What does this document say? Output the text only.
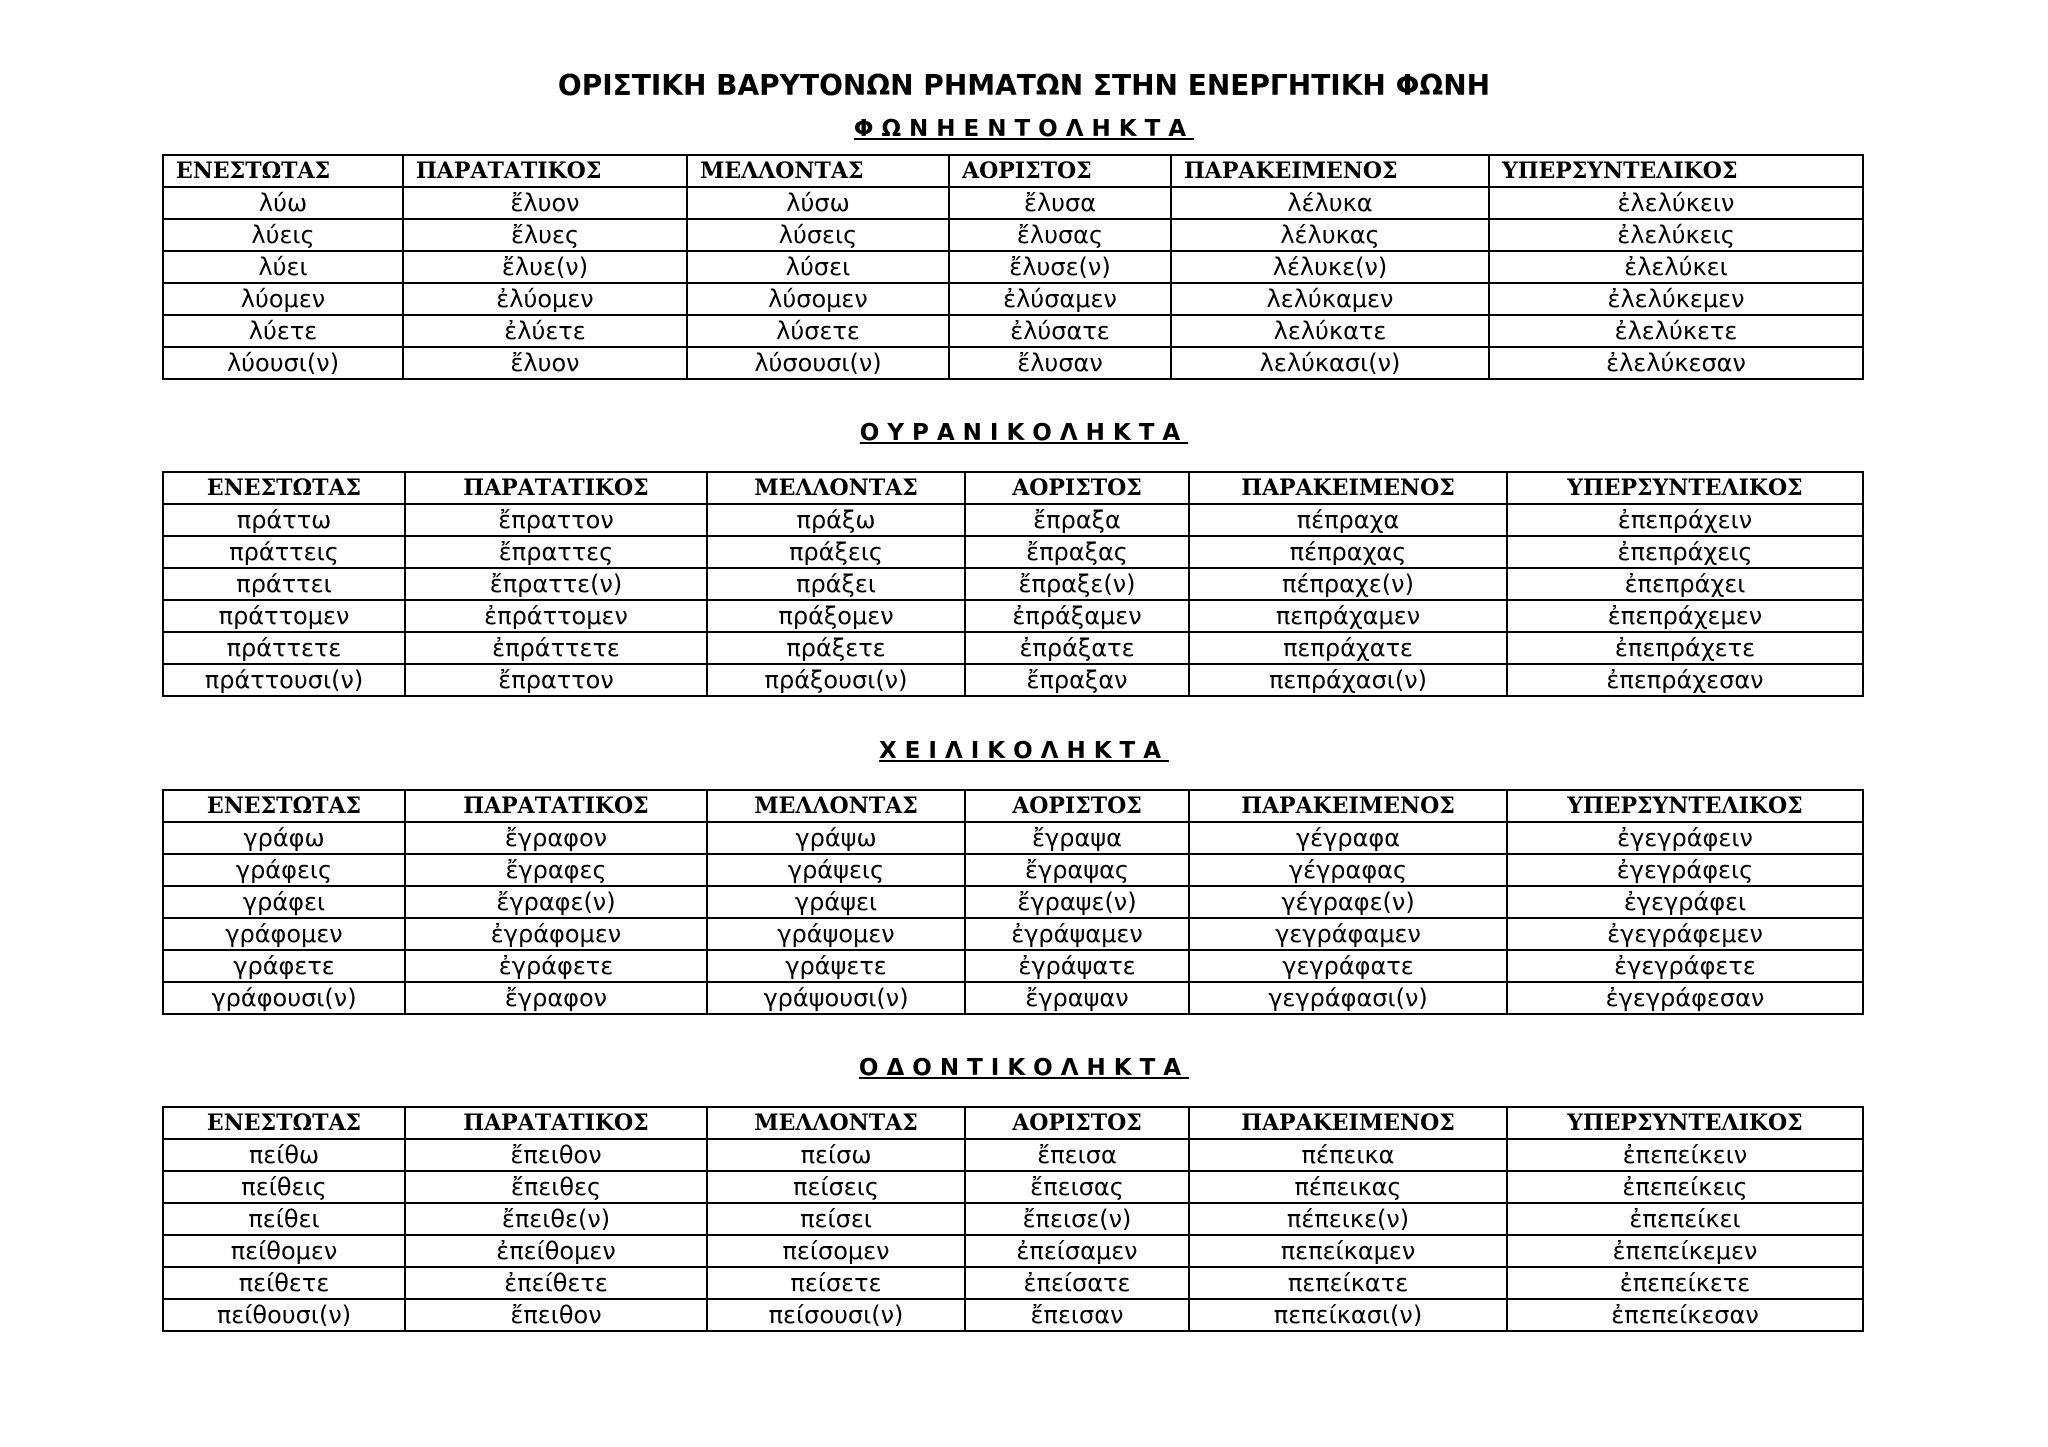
ΟΡΙΣΤΙΚΗ ΒΑΡΥΤΟΝΩΝ ΡΗΜΑΤΩΝ ΣΤΗΝ ΕΝΕΡΓΗΤΙΚΗ ΦΩΝΗ
ΦΩΝΗΕΝΤΟΛΗΚΤΑ
ΕΝΕΣΤΩΤΑΣ	ΠΑΡΑΤΑΤΙΚΟΣ	ΜΕΛΛΟΝΤΑΣ	ΑΟΡΙΣΤΟΣ	ΠΑΡΑΚΕΙΜΕΝΟΣ	ΥΠΕΡΣΥΝΤΕΛΙΚΟΣ
λύω	ἔλυον	λύσω	ἔλυσα	λέλυκα	ἐλελύκειν
λύεις	ἔλυες	λύσεις	ἔλυσας	λέλυκας	ἐλελύκεις
λύει	ἔλυε(ν)	λύσει	ἔλυσε(ν)	λέλυκε(ν)	ἐλελύκει
λύομεν	ἐλύομεν	λύσομεν	ἐλύσαμεν	λελύκαμεν	ἐλελύκεμεν
λύετε	ἐλύετε	λύσετε	ἐλύσατε	λελύκατε	ἐλελύκετε
λύουσι(ν)	ἔλυον	λύσουσι(ν)	ἔλυσαν	λελύκασι(ν)	ἐλελύκεσαν
ΟΥΡΑΝΙΚΟΛΗΚΤΑ
ΕΝΕΣΤΩΤΑΣ	ΠΑΡΑΤΑΤΙΚΟΣ	ΜΕΛΛΟΝΤΑΣ	ΑΟΡΙΣΤΟΣ	ΠΑΡΑΚΕΙΜΕΝΟΣ	ΥΠΕΡΣΥΝΤΕΛΙΚΟΣ
πράττω	ἔπραττον	πράξω	ἔπραξα	πέπραχα	ἐπεπράχειν
πράττεις	ἔπραττες	πράξεις	ἔπραξας	πέπραχας	ἐπεπράχεις
πράττει	ἔπραττε(ν)	πράξει	ἔπραξε(ν)	πέπραχε(ν)	ἐπεπράχει
πράττομεν	ἐπράττομεν	πράξομεν	ἐπράξαμεν	πεπράχαμεν	ἐπεπράχεμεν
πράττετε	ἐπράττετε	πράξετε	ἐπράξατε	πεπράχατε	ἐπεπράχετε
πράττουσι(ν)	ἔπραττον	πράξουσι(ν)	ἔπραξαν	πεπράχασι(ν)	ἐπεπράχεσαν
ΧΕΙΛΙΚΟΛΗΚΤΑ
ΕΝΕΣΤΩΤΑΣ	ΠΑΡΑΤΑΤΙΚΟΣ	ΜΕΛΛΟΝΤΑΣ	ΑΟΡΙΣΤΟΣ	ΠΑΡΑΚΕΙΜΕΝΟΣ	ΥΠΕΡΣΥΝΤΕΛΙΚΟΣ
γράφω	ἔγραφον	γράψω	ἔγραψα	γέγραφα	ἐγεγράφειν
γράφεις	ἔγραφες	γράψεις	ἔγραψας	γέγραφας	ἐγεγράφεις
γράφει	ἔγραφε(ν)	γράψει	ἔγραψε(ν)	γέγραφε(ν)	ἐγεγράφει
γράφομεν	ἐγράφομεν	γράψομεν	ἐγράψαμεν	γεγράφαμεν	ἐγεγράφεμεν
γράφετε	ἐγράφετε	γράψετε	ἐγράψατε	γεγράφατε	ἐγεγράφετε
γράφουσι(ν)	ἔγραφον	γράψουσι(ν)	ἔγραψαν	γεγράφασι(ν)	ἐγεγράφεσαν
ΟΔΟΝΤΙΚΟΛΗΚΤΑ
ΕΝΕΣΤΩΤΑΣ	ΠΑΡΑΤΑΤΙΚΟΣ	ΜΕΛΛΟΝΤΑΣ	ΑΟΡΙΣΤΟΣ	ΠΑΡΑΚΕΙΜΕΝΟΣ	ΥΠΕΡΣΥΝΤΕΛΙΚΟΣ
πείθω	ἔπειθον	πείσω	ἔπεισα	πέπεικα	ἐπεπείκειν
πείθεις	ἔπειθες	πείσεις	ἔπεισας	πέπεικας	ἐπεπείκεις
πείθει	ἔπειθε(ν)	πείσει	ἔπεισε(ν)	πέπεικε(ν)	ἐπεπείκει
πείθομεν	ἐπείθομεν	πείσομεν	ἐπείσαμεν	πεπείκαμεν	ἐπεπείκεμεν
πείθετε	ἐπείθετε	πείσετε	ἐπείσατε	πεπείκατε	ἐπεπείκετε
πείθουσι(ν)	ἔπειθον	πείσουσι(ν)	ἔπεισαν	πεπείκασι(ν)	ἐπεπείκεσαν
